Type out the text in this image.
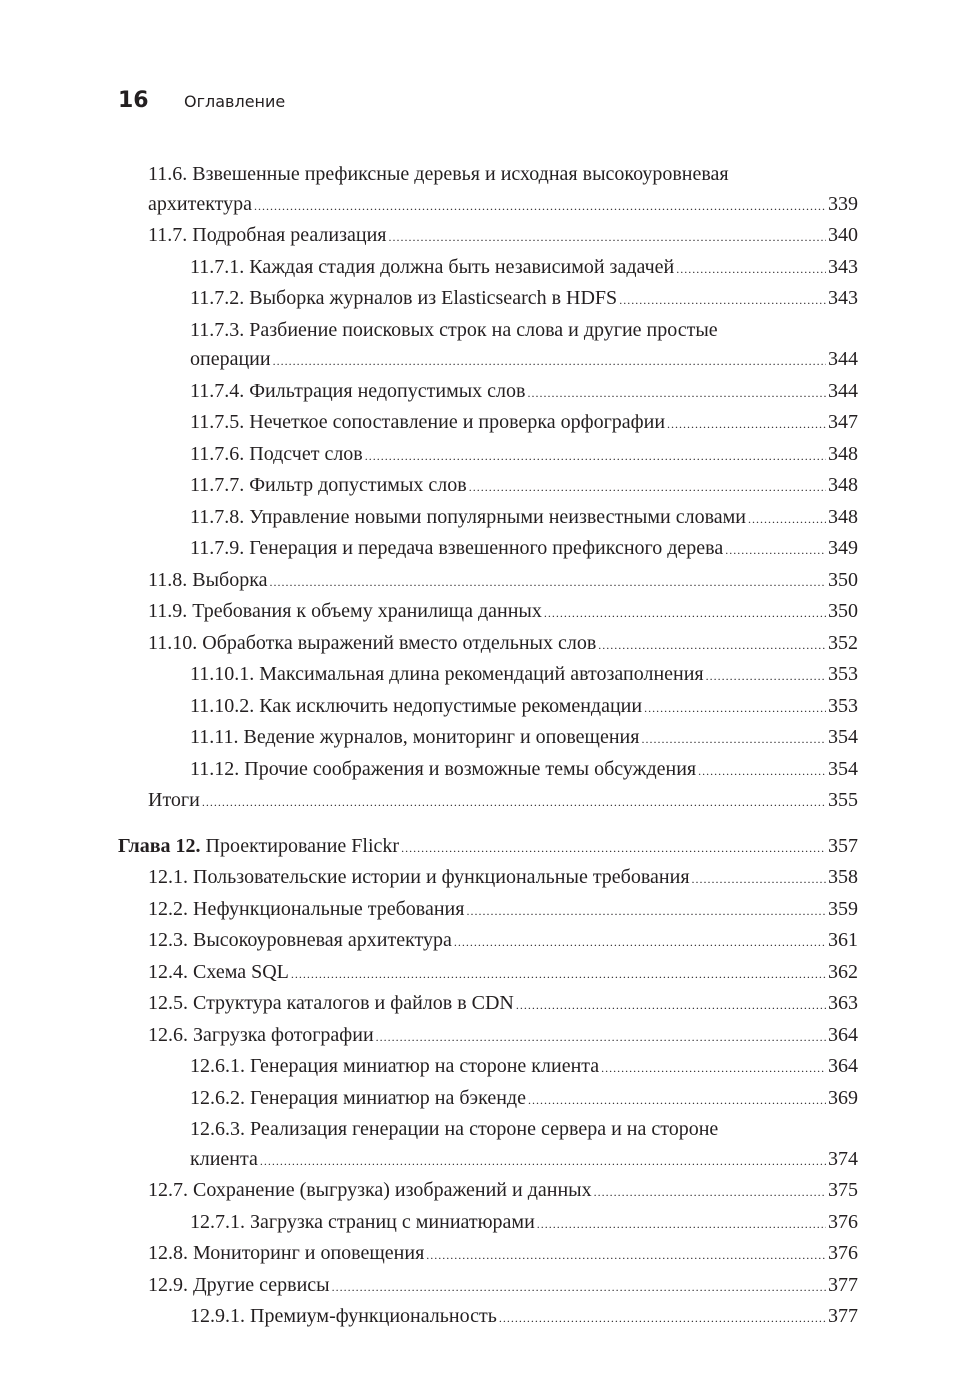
16	Оглавление
11.6. Взвешенные префиксные деревья и исходная высокоуровневая
архитектура .....	339
11.7. Подробная реализация .....	340
11.7.1. Каждая стадия должна быть независимой задачей .....	343
11.7.2. Выборка журналов из Elasticsearch в HDFS .....	343
11.7.3. Разбиение поисковых строк на слова и другие простые
операции .....	344
11.7.4. Фильтрация недопустимых слов .....	344
11.7.5. Нечеткое сопоставление и проверка орфографии .....	347
11.7.6. Подсчет слов .....	348
11.7.7. Фильтр допустимых слов .....	348
11.7.8. Управление новыми популярными неизвестными словами .....	348
11.7.9. Генерация и передача взвешенного префиксного дерева .....	349
11.8. Выборка .....	350
11.9. Требования к объему хранилища данных .....	350
11.10. Обработка выражений вместо отдельных слов .....	352
11.10.1. Максимальная длина рекомендаций автозаполнения .....	353
11.10.2. Как исключить недопустимые рекомендации .....	353
11.11. Ведение журналов, мониторинг и оповещения .....	354
11.12. Прочие соображения и возможные темы обсуждения .....	354
Итоги .....	355
Глава 12. Проектирование Flickr .....	357
12.1. Пользовательские истории и функциональные требования .....	358
12.2. Нефункциональные требования .....	359
12.3. Высокоуровневая архитектура .....	361
12.4. Схема SQL .....	362
12.5. Структура каталогов и файлов в CDN .....	363
12.6. Загрузка фотографии .....	364
12.6.1. Генерация миниатюр на стороне клиента .....	364
12.6.2. Генерация миниатюр на бэкенде .....	369
12.6.3. Реализация генерации на стороне сервера и на стороне
клиента .....	374
12.7. Сохранение (выгрузка) изображений и данных .....	375
12.7.1. Загрузка страниц с миниатюрами .....	376
12.8. Мониторинг и оповещения .....	376
12.9. Другие сервисы .....	377
12.9.1. Премиум-функциональность .....	377
